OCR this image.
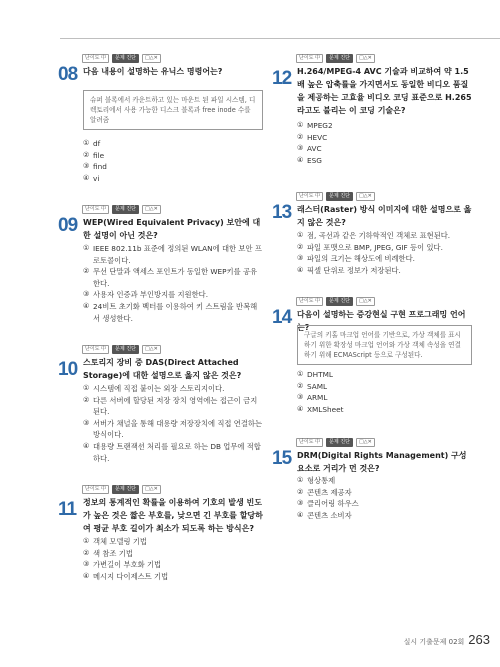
난이도 中	문제 진단	□△✕
08 다음 내용이 설명하는 유닉스 명령어는?
슈퍼 블록에서 카운트하고 있는 마운트 된 파일 시스템, 디렉토리에서 사용 가능한 디스크 블록과 free inode 수를 알려줌
① df
② file
③ find
④ vi
난이도 中	문제 진단	□△✕
09 WEP(Wired Equivalent Privacy) 보안에 대한 설명이 아닌 것은?
① IEEE 802.11b 표준에 정의된 WLAN에 대한 보안 프로토콜이다.
② 무선 단말과 액세스 포인트가 동일한 WEP키를 공유한다.
③ 사용자 인증과 부인방지를 지원한다.
④ 24비트 초기화 벡터를 이용하여 키 스트림을 반복해서 생성한다.
난이도 中	문제 진단	□△✕
10 스토리지 장비 중 DAS(Direct Attached Storage)에 대한 설명으로 옳지 않은 것은?
① 시스템에 직접 붙이는 외장 스토리지이다.
② 다른 서버에 할당된 저장 장치 영역에는 접근이 금지된다.
③ 서버가 채널을 통해 대용량 저장장치에 직접 연결하는 방식이다.
④ 대용량 트랜잭션 처리를 필요로 하는 DB 업무에 적합하다.
난이도 中	문제 진단	□△✕
11 정보의 통계적인 확률을 이용하여 기호의 발생 빈도가 높은 것은 짧은 부호를, 낮으면 긴 부호를 할당하여 평균 부호 길이가 최소가 되도록 하는 방식은?
① 객체 모델링 기법
② 색 참조 기법
③ 가변길이 부호화 기법
④ 메시지 다이제스트 기법
난이도 中	문제 진단	□△✕
12 H.264/MPEG-4 AVC 기술과 비교하여 약 1.5배 높은 압축률을 가지면서도 동일한 비디오 품질을 제공하는 고효율 비디오 코딩 표준으로 H.265라고도 불리는 이 코딩 기술은?
① MPEG2
② HEVC
③ AVC
④ ESG
난이도 中	문제 진단	□△✕
13 래스터(Raster) 방식 이미지에 대한 설명으로 옳지 않은 것은?
① 점, 곡선과 같은 기하학적인 객체로 표현된다.
② 파일 포맷으로 BMP, JPEG, GIF 등이 있다.
③ 파일의 크기는 해상도에 비례한다.
④ 픽셀 단위로 정보가 저장된다.
난이도 中	문제 진단	□△✕
14 다음이 설명하는 증강현실 구현 프로그래밍 언어는?
구글의 키홀 마크업 언어를 기반으로, 가상 객체를 표시하기 위한 확장성 마크업 언어와 가상 객체 속성을 연결하기 위해 ECMAScript 등으로 구성된다.
① DHTML
② SAML
③ ARML
④ XMLSheet
난이도 中	문제 진단	□△✕
15 DRM(Digital Rights Management) 구성요소로 거리가 먼 것은?
① 형상통제
② 콘텐츠 제공자
③ 클리어링 하우스
④ 콘텐츠 소비자
실시 기출문제 02회 263
